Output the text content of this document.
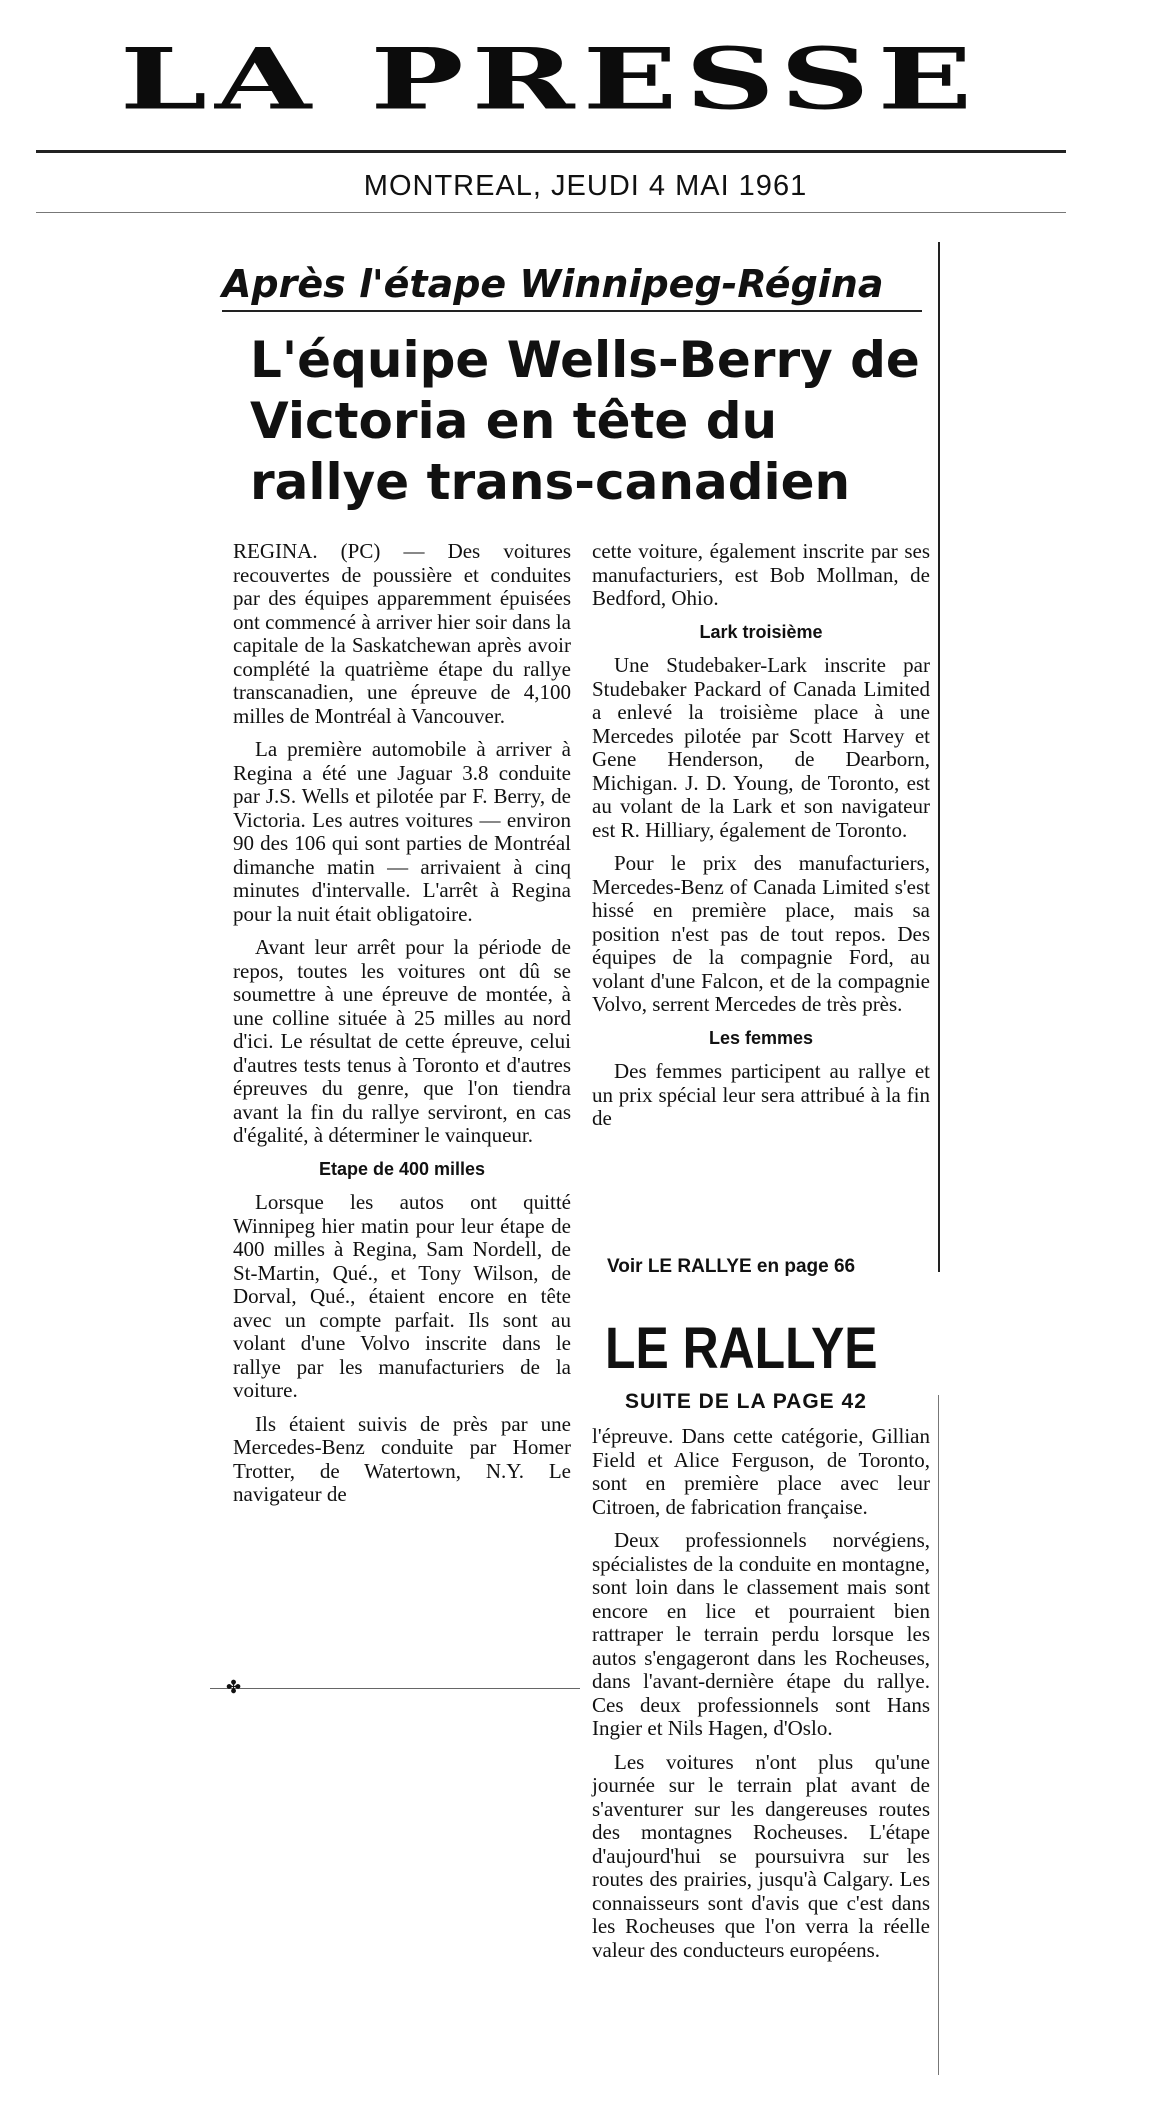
LA PRESSE
MONTREAL, JEUDI 4 MAI 1961
Après l'étape Winnipeg-Régina
L'équipe Wells-Berry de Victoria en tête du rallye trans-canadien

REGINA. (PC) — Des voitures recouvertes de poussière et conduites par des équipes apparemment épuisées ont commencé à arriver hier soir dans la capitale de la Saskatchewan après avoir complété la quatrième étape du rallye transcanadien, une épreuve de 4,100 milles de Montréal à Vancouver.

La première automobile à arriver à Regina a été une Jaguar 3.8 conduite par J.S. Wells et pilotée par F. Berry, de Victoria. Les autres voitures — environ 90 des 106 qui sont parties de Montréal dimanche matin — arrivaient à cinq minutes d'intervalle. L'arrêt à Regina pour la nuit était obligatoire.

Avant leur arrêt pour la période de repos, toutes les voitures ont dû se soumettre à une épreuve de montée, à une colline située à 25 milles au nord d'ici. Le résultat de cette épreuve, celui d'autres tests tenus à Toronto et d'autres épreuves du genre, que l'on tiendra avant la fin du rallye serviront, en cas d'égalité, à déterminer le vainqueur.

Etape de 400 milles

Lorsque les autos ont quitté Winnipeg hier matin pour leur étape de 400 milles à Regina, Sam Nordell, de St-Martin, Qué., et Tony Wilson, de Dorval, Qué., étaient encore en tête avec un compte parfait. Ils sont au volant d'une Volvo inscrite dans le rallye par les manufacturiers de la voiture.

Ils étaient suivis de près par une Mercedes-Benz conduite par Homer Trotter, de Watertown, N.Y. Le navigateur de

cette voiture, également inscrite par ses manufacturiers, est Bob Mollman, de Bedford, Ohio.

Lark troisième

Une Studebaker-Lark inscrite par Studebaker Packard of Canada Limited a enlevé la troisième place à une Mercedes pilotée par Scott Harvey et Gene Henderson, de Dearborn, Michigan. J. D. Young, de Toronto, est au volant de la Lark et son navigateur est R. Hilliary, également de Toronto.

Pour le prix des manufacturiers, Mercedes-Benz of Canada Limited s'est hissé en première place, mais sa position n'est pas de tout repos. Des équipes de la compagnie Ford, au volant d'une Falcon, et de la compagnie Volvo, serrent Mercedes de très près.

Les femmes

Des femmes participent au rallye et un prix spécial leur sera attribué à la fin de

Voir LE RALLYE en page 66
✤
LE RALLYE
SUITE DE LA PAGE 42

l'épreuve. Dans cette catégorie, Gillian Field et Alice Ferguson, de Toronto, sont en première place avec leur Citroen, de fabrication française.

Deux professionnels norvégiens, spécialistes de la conduite en montagne, sont loin dans le classement mais sont encore en lice et pourraient bien rattraper le terrain perdu lorsque les autos s'engageront dans les Rocheuses, dans l'avant-dernière étape du rallye. Ces deux professionnels sont Hans Ingier et Nils Hagen, d'Oslo.

Les voitures n'ont plus qu'une journée sur le terrain plat avant de s'aventurer sur les dangereuses routes des montagnes Rocheuses. L'étape d'aujourd'hui se poursuivra sur les routes des prairies, jusqu'à Calgary. Les connaisseurs sont d'avis que c'est dans les Rocheuses que l'on verra la réelle valeur des conducteurs européens.
